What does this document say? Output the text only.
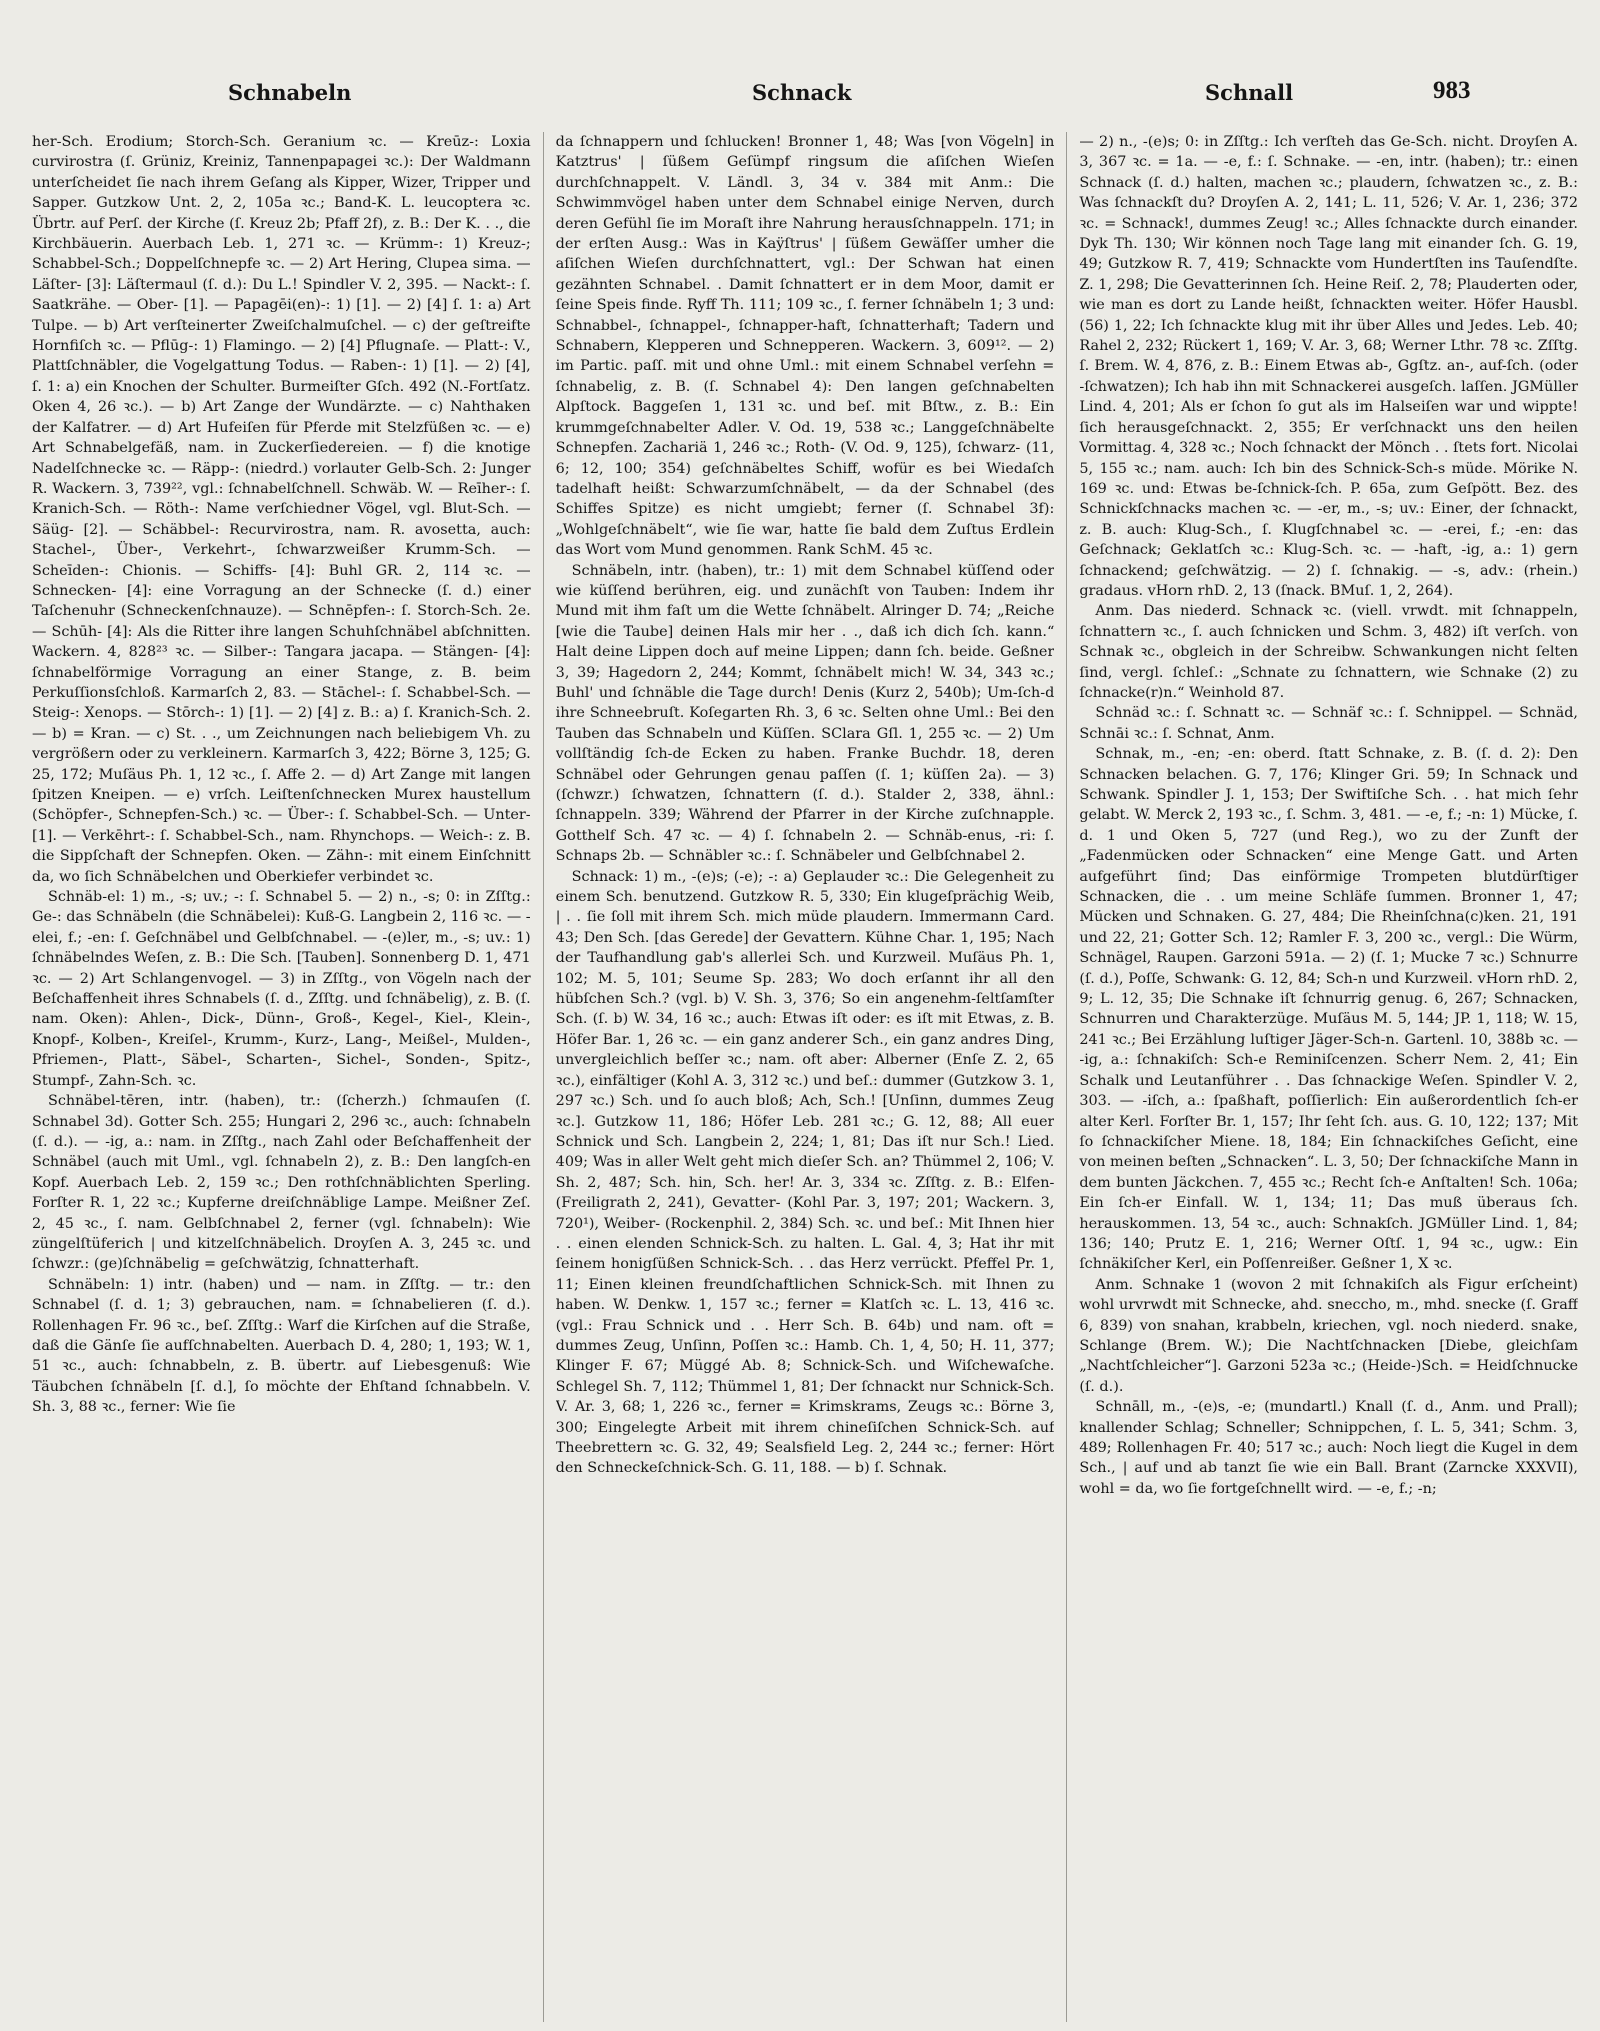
Schnabeln	Schnack	Schnall	983

her-Sch. Erodium; Storch-Sch. Geranium ꝛc. — Kreūz-: Loxia curvirostra (ſ. Grüniz, Kreiniz, Tannenpapagei ꝛc.): Der Waldmann unterſcheidet ſie nach ihrem Geſang als Kipper, Wizer, Tripper und Sapper. Gutzkow Unt. 2, 2, 105a ꝛc.; Band-K. L. leucoptera ꝛc. Übrtr. auf Perſ. der Kirche (ſ. Kreuz 2b; Pfaff 2f), z. B.: Der K. . ., die Kirchbäuerin. Auerbach Leb. 1, 271 ꝛc. — Krümm-: 1) Kreuz-; Schabbel-Sch.; Doppelſchnepfe ꝛc. — 2) Art Hering, Clupea sima. — Läſter- [3]: Läſtermaul (ſ. d.): Du L.! Spindler V. 2, 395. — Nackt-: ſ. Saatkrähe. — Ober- [1]. — Papagēi(en)-: 1) [1]. — 2) [4] ſ. 1: a) Art Tulpe. — b) Art verſteinerter Zweiſchalmuſchel. — c) der geſtreifte Hornfiſch ꝛc. — Pflūg-: 1) Flamingo. — 2) [4] Pflugnaſe. — Platt-: V., Plattſchnäbler, die Vogelgattung Todus. — Raben-: 1) [1]. — 2) [4], ſ. 1: a) ein Knochen der Schulter. Burmeiſter Gſch. 492 (N.-Fortſatz. Oken 4, 26 ꝛc.). — b) Art Zange der Wundärzte. — c) Nahthaken der Kalfatrer. — d) Art Hufeiſen für Pferde mit Stelzfüßen ꝛc. — e) Art Schnabelgefäß, nam. in Zuckerſiedereien. — f) die knotige Nadelſchnecke ꝛc. — Räpp-: (niedrd.) vorlauter Gelb-Sch. 2: Junger R. Wackern. 3, 739²², vgl.: ſchnabelſchnell. Schwäb. W. — Reīher-: ſ. Kranich-Sch. — Röth-: Name verſchiedner Vögel, vgl. Blut-Sch. — Säüg- [2]. — Schäbbel-: Recurvirostra, nam. R. avosetta, auch: Stachel-, Über-, Verkehrt-, ſchwarzweißer Krumm-Sch. — Scheīden-: Chionis. — Schiffs- [4]: Buhl GR. 2, 114 ꝛc. — Schnecken- [4]: eine Vorragung an der Schnecke (ſ. d.) einer Taſchenuhr (Schneckenſchnauze). — Schnēpfen-: ſ. Storch-Sch. 2e. — Schūh- [4]: Als die Ritter ihre langen Schuhſchnäbel abſchnitten. Wackern. 4, 828²³ ꝛc. — Silber-: Tangara jacapa. — Stängen- [4]: ſchnabelförmige Vorragung an einer Stange, z. B. beim Perkuſſionsſchloß. Karmarſch 2, 83. — Stāchel-: ſ. Schabbel-Sch. — Steig-: Xenops. — Stōrch-: 1) [1]. — 2) [4] z. B.: a) ſ. Kranich-Sch. 2. — b) = Kran. — c) St. . ., um Zeichnungen nach beliebigem Vh. zu vergrößern oder zu verkleinern. Karmarſch 3, 422; Börne 3, 125; G. 25, 172; Muſäus Ph. 1, 12 ꝛc., ſ. Affe 2. — d) Art Zange mit langen ſpitzen Kneipen. — e) vrſch. Leiſtenſchnecken Murex haustellum (Schöpfer-, Schnepfen-Sch.) ꝛc. — Über-: ſ. Schabbel-Sch. — Unter- [1]. — Verkēhrt-: ſ. Schabbel-Sch., nam. Rhynchops. — Weich-: z. B. die Sippſchaft der Schnepfen. Oken. — Zähn-: mit einem Einſchnitt da, wo ſich Schnäbelchen und Oberkiefer verbindet ꝛc.

Schnäb-el: 1) m., -s; uv.; -: ſ. Schnabel 5. — 2) n., -s; 0: in Zſſtg.: Ge-: das Schnäbeln (die Schnäbelei): Kuß-G. Langbein 2, 116 ꝛc. — -elei, f.; -en: ſ. Geſchnäbel und Gelbſchnabel. — -(e)ler, m., -s; uv.: 1) ſchnäbelndes Weſen, z. B.: Die Sch. [Tauben]. Sonnenberg D. 1, 471 ꝛc. — 2) Art Schlangenvogel. — 3) in Zſſtg., von Vögeln nach der Beſchaffenheit ihres Schnabels (ſ. d., Zſſtg. und ſchnäbelig), z. B. (ſ. nam. Oken): Ahlen-, Dick-, Dünn-, Groß-, Kegel-, Kiel-, Klein-, Knopf-, Kolben-, Kreiſel-, Krumm-, Kurz-, Lang-, Meißel-, Mulden-, Pfriemen-, Platt-, Säbel-, Scharten-, Sichel-, Sonden-, Spitz-, Stumpf-, Zahn-Sch. ꝛc.

Schnäbel-tēren, intr. (haben), tr.: (ſcherzh.) ſchmauſen (ſ. Schnabel 3d). Gotter Sch. 255; Hungari 2, 296 ꝛc., auch: ſchnabeln (ſ. d.). — -ig, a.: nam. in Zſſtg., nach Zahl oder Beſchaffenheit der Schnäbel (auch mit Uml., vgl. ſchnabeln 2), z. B.: Den langſch-en Kopf. Auerbach Leb. 2, 159 ꝛc.; Den rothſchnäblichten Sperling. Forſter R. 1, 22 ꝛc.; Kupferne dreiſchnäblige Lampe. Meißner Zeſ. 2, 45 ꝛc., ſ. nam. Gelbſchnabel 2, ferner (vgl. ſchnabeln): Wie züngelſtüferich | und kitzelſchnäbelich. Droyſen A. 3, 245 ꝛc. und ſchwzr.: (ge)ſchnäbelig = geſchwätzig, ſchnatterhaft.

Schnäbeln: 1) intr. (haben) und — nam. in Zſſtg. — tr.: den Schnabel (ſ. d. 1; 3) gebrauchen, nam. = ſchnabelieren (ſ. d.). Rollenhagen Fr. 96 ꝛc., beſ. Zſſtg.: Warf die Kirſchen auf die Straße, daß die Gänſe ſie aufſchnabelten. Auerbach D. 4, 280; 1, 193; W. 1, 51 ꝛc., auch: ſchnabbeln, z. B. übertr. auf Liebesgenuß: Wie Täubchen ſchnäbeln [ſ. d.], ſo möchte der Ehſtand ſchnabbeln. V. Sh. 3, 88 ꝛc., ferner: Wie ſie

da ſchnappern und ſchlucken! Bronner 1, 48; Was [von Vögeln] in Katztrus' | ſüßem Geſümpf ringsum die aſiſchen Wieſen durchſchnappelt. V. Ländl. 3, 34 v. 384 mit Anm.: Die Schwimmvögel haben unter dem Schnabel einige Nerven, durch deren Gefühl ſie im Moraſt ihre Nahrung herausſchnappeln. 171; in der erſten Ausg.: Was in Kaÿſtrus' | ſüßem Gewäſſer umher die aſiſchen Wieſen durchſchnattert, vgl.: Der Schwan hat einen gezähnten Schnabel. . Damit ſchnattert er in dem Moor, damit er ſeine Speis finde. Ryff Th. 111; 109 ꝛc., ſ. ferner ſchnäbeln 1; 3 und: Schnabbel-, ſchnappel-, ſchnapper-haft, ſchnatterhaft; Tadern und Schnabern, Klepperen und Schnepperen. Wackern. 3, 609¹². — 2) im Partic. paſſ. mit und ohne Uml.: mit einem Schnabel verſehn = ſchnabelig, z. B. (ſ. Schnabel 4): Den langen geſchnabelten Alpſtock. Baggeſen 1, 131 ꝛc. und beſ. mit Bſtw., z. B.: Ein krummgeſchnabelter Adler. V. Od. 19, 538 ꝛc.; Langgeſchnäbelte Schnepfen. Zachariä 1, 246 ꝛc.; Roth- (V. Od. 9, 125), ſchwarz- (11, 6; 12, 100; 354) geſchnäbeltes Schiff, wofür es bei Wiedaſch tadelhaft heißt: Schwarzumſchnäbelt, — da der Schnabel (des Schiffes Spitze) es nicht umgiebt; ferner (ſ. Schnabel 3f): „Wohlgeſchnäbelt“, wie ſie war, hatte ſie bald dem Zuſtus Erdlein das Wort vom Mund genommen. Rank SchM. 45 ꝛc.

Schnäbeln, intr. (haben), tr.: 1) mit dem Schnabel küſſend oder wie küſſend berühren, eig. und zunächſt von Tauben: Indem ihr Mund mit ihm faſt um die Wette ſchnäbelt. Alringer D. 74; „Reiche [wie die Taube] deinen Hals mir her . ., daß ich dich ſch. kann.“ Halt deine Lippen doch auf meine Lippen; dann ſch. beide. Geßner 3, 39; Hagedorn 2, 244; Kommt, ſchnäbelt mich! W. 34, 343 ꝛc.; Buhl' und ſchnäble die Tage durch! Denis (Kurz 2, 540b); Um-ſch-d ihre Schneebruſt. Koſegarten Rh. 3, 6 ꝛc. Selten ohne Uml.: Bei den Tauben das Schnabeln und Küſſen. SClara Gſl. 1, 255 ꝛc. — 2) Um vollſtändig ſch-de Ecken zu haben. Franke Buchdr. 18, deren Schnäbel oder Gehrungen genau paſſen (ſ. 1; küſſen 2a). — 3) (ſchwzr.) ſchwatzen, ſchnattern (ſ. d.). Stalder 2, 338, ähnl.: ſchnappeln. 339; Während der Pfarrer in der Kirche zuſchnapple. Gotthelf Sch. 47 ꝛc. — 4) ſ. ſchnabeln 2. — Schnäb-enus, -ri: ſ. Schnaps 2b. — Schnäbler ꝛc.: ſ. Schnäbeler und Gelbſchnabel 2.

Schnack: 1) m., -(e)s; (-e); -: a) Geplauder ꝛc.: Die Gelegenheit zu einem Sch. benutzend. Gutzkow R. 5, 330; Ein klugeſprächig Weib, | . . ſie ſoll mit ihrem Sch. mich müde plaudern. Immermann Card. 43; Den Sch. [das Gerede] der Gevattern. Kühne Char. 1, 195; Nach der Taufhandlung gab's allerlei Sch. und Kurzweil. Muſäus Ph. 1, 102; M. 5, 101; Seume Sp. 283; Wo doch erſannt ihr all den hübſchen Sch.? (vgl. b) V. Sh. 3, 376; So ein angenehm-ſeltſamſter Sch. (ſ. b) W. 34, 16 ꝛc.; auch: Etwas iſt oder: es iſt mit Etwas, z. B. Höfer Bar. 1, 26 ꝛc. — ein ganz anderer Sch., ein ganz andres Ding, unvergleichlich beſſer ꝛc.; nam. oft aber: Alberner (Enſe Z. 2, 65 ꝛc.), einfältiger (Kohl A. 3, 312 ꝛc.) und beſ.: dummer (Gutzkow 3. 1, 297 ꝛc.) Sch. und ſo auch bloß; Ach, Sch.! [Unſinn, dummes Zeug ꝛc.]. Gutzkow 11, 186; Höfer Leb. 281 ꝛc.; G. 12, 88; All euer Schnick und Sch. Langbein 2, 224; 1, 81; Das iſt nur Sch.! Lied. 409; Was in aller Welt geht mich dieſer Sch. an? Thümmel 2, 106; V. Sh. 2, 487; Sch. hin, Sch. her! Ar. 3, 334 ꝛc. Zſſtg. z. B.: Elfen- (Freiligrath 2, 241), Gevatter- (Kohl Par. 3, 197; 201; Wackern. 3, 720¹), Weiber- (Rockenphil. 2, 384) Sch. ꝛc. und beſ.: Mit Ihnen hier . . einen elenden Schnick-Sch. zu halten. L. Gal. 4, 3; Hat ihr mit ſeinem honigſüßen Schnick-Sch. . . das Herz verrückt. Pfeffel Pr. 1, 11; Einen kleinen freundſchaftlichen Schnick-Sch. mit Ihnen zu haben. W. Denkw. 1, 157 ꝛc.; ferner = Klatſch ꝛc. L. 13, 416 ꝛc. (vgl.: Frau Schnick und . . Herr Sch. B. 64b) und nam. oft = dummes Zeug, Unſinn, Poſſen ꝛc.: Hamb. Ch. 1, 4, 50; H. 11, 377; Klinger F. 67; Müggé Ab. 8; Schnick-Sch. und Wiſchewaſche. Schlegel Sh. 7, 112; Thümmel 1, 81; Der ſchnackt nur Schnick-Sch. V. Ar. 3, 68; 1, 226 ꝛc., ferner = Krimskrams, Zeugs ꝛc.: Börne 3, 300; Eingelegte Arbeit mit ihrem chineſiſchen Schnick-Sch. auf Theebrettern ꝛc. G. 32, 49; Sealsfield Leg. 2, 244 ꝛc.; ferner: Hört den Schneckeſchnick-Sch. G. 11, 188. — b) ſ. Schnak.

— 2) n., -(e)s; 0: in Zſſtg.: Ich verſteh das Ge-Sch. nicht. Droyſen A. 3, 367 ꝛc. = 1a. — -e, f.: ſ. Schnake. — -en, intr. (haben); tr.: einen Schnack (ſ. d.) halten, machen ꝛc.; plaudern, ſchwatzen ꝛc., z. B.: Was ſchnackſt du? Droyſen A. 2, 141; L. 11, 526; V. Ar. 1, 236; 372 ꝛc. = Schnack!, dummes Zeug! ꝛc.; Alles ſchnackte durch einander. Dyk Th. 130; Wir können noch Tage lang mit einander ſch. G. 19, 49; Gutzkow R. 7, 419; Schnackte vom Hundertſten ins Tauſendſte. Z. 1, 298; Die Gevatterinnen ſch. Heine Reiſ. 2, 78; Plauderten oder, wie man es dort zu Lande heißt, ſchnackten weiter. Höfer Hausbl. (56) 1, 22; Ich ſchnackte klug mit ihr über Alles und Jedes. Leb. 40; Rahel 2, 232; Rückert 1, 169; V. Ar. 3, 68; Werner Lthr. 78 ꝛc. Zſſtg. ſ. Brem. W. 4, 876, z. B.: Einem Etwas ab-, Ggſtz. an-, auf-ſch. (oder -ſchwatzen); Ich hab ihn mit Schnackerei ausgeſch. laſſen. JGMüller Lind. 4, 201; Als er ſchon ſo gut als im Halseiſen war und wippte! ſich herausgeſchnackt. 2, 355; Er verſchnackt uns den heilen Vormittag. 4, 328 ꝛc.; Noch ſchnackt der Mönch . . ſtets fort. Nicolai 5, 155 ꝛc.; nam. auch: Ich bin des Schnick-Sch-s müde. Mörike N. 169 ꝛc. und: Etwas be-ſchnick-ſch. P. 65a, zum Geſpött. Bez. des Schnickſchnacks machen ꝛc. — -er, m., -s; uv.: Einer, der ſchnackt, z. B. auch: Klug-Sch., ſ. Klugſchnabel ꝛc. — -erei, f.; -en: das Geſchnack; Geklatſch ꝛc.: Klug-Sch. ꝛc. — -haft, -ig, a.: 1) gern ſchnackend; geſchwätzig. — 2) ſ. ſchnakig. — -s, adv.: (rhein.) gradaus. vHorn rhD. 2, 13 (ſnack. BMuſ. 1, 2, 264).

Anm. Das niederd. Schnack ꝛc. (viell. vrwdt. mit ſchnappeln, ſchnattern ꝛc., ſ. auch ſchnicken und Schm. 3, 482) iſt verſch. von Schnak ꝛc., obgleich in der Schreibw. Schwankungen nicht ſelten ſind, vergl. ſchleſ.: „Schnate zu ſchnattern, wie Schnake (2) zu ſchnacke(r)n.“ Weinhold 87.

Schnäd ꝛc.: ſ. Schnatt ꝛc. — Schnäf ꝛc.: ſ. Schnippel. — Schnäd, Schnāi ꝛc.: ſ. Schnat, Anm.

Schnak, m., -en; -en: oberd. ſtatt Schnake, z. B. (ſ. d. 2): Den Schnacken belachen. G. 7, 176; Klinger Gri. 59; In Schnack und Schwank. Spindler J. 1, 153; Der Swiftiſche Sch. . . hat mich ſehr gelabt. W. Merck 2, 193 ꝛc., ſ. Schm. 3, 481. — -e, f.; -n: 1) Mücke, ſ. d. 1 und Oken 5, 727 (und Reg.), wo zu der Zunft der „Fadenmücken oder Schnacken“ eine Menge Gatt. und Arten aufgeführt ſind; Das einförmige Trompeten blutdürſtiger Schnacken, die . . um meine Schläfe ſummen. Bronner 1, 47; Mücken und Schnaken. G. 27, 484; Die Rheinſchna(c)ken. 21, 191 und 22, 21; Gotter Sch. 12; Ramler F. 3, 200 ꝛc., vergl.: Die Würm, Schnägel, Raupen. Garzoni 591a. — 2) (ſ. 1; Mucke 7 ꝛc.) Schnurre (ſ. d.), Poſſe, Schwank: G. 12, 84; Sch-n und Kurzweil. vHorn rhD. 2, 9; L. 12, 35; Die Schnake iſt ſchnurrig genug. 6, 267; Schnacken, Schnurren und Charakterzüge. Muſäus M. 5, 144; JP. 1, 118; W. 15, 241 ꝛc.; Bei Erzählung luſtiger Jäger-Sch-n. Gartenl. 10, 388b ꝛc. — -ig, a.: ſchnakiſch: Sch-e Reminiſcenzen. Scherr Nem. 2, 41; Ein Schalk und Leutanführer . . Das ſchnackige Weſen. Spindler V. 2, 303. — -iſch, a.: ſpaßhaft, poſſierlich: Ein außerordentlich ſch-er alter Kerl. Forſter Br. 1, 157; Ihr ſeht ſch. aus. G. 10, 122; 137; Mit ſo ſchnackiſcher Miene. 18, 184; Ein ſchnackiſches Geſicht, eine von meinen beſten „Schnacken“. L. 3, 50; Der ſchnackiſche Mann in dem bunten Jäckchen. 7, 455 ꝛc.; Recht ſch-e Anſtalten! Sch. 106a; Ein ſch-er Einfall. W. 1, 134; 11; Das muß überaus ſch. herauskommen. 13, 54 ꝛc., auch: Schnakſch. JGMüller Lind. 1, 84; 136; 140; Prutz E. 1, 216; Werner Oſtſ. 1, 94 ꝛc., ugw.: Ein ſchnäkiſcher Kerl, ein Poſſenreißer. Geßner 1, X ꝛc.

Anm. Schnake 1 (wovon 2 mit ſchnakiſch als Figur erſcheint) wohl urvrwdt mit Schnecke, ahd. snecchо, m., mhd. snecke (ſ. Graff 6, 839) von snahan, krabbeln, kriechen, vgl. noch niederd. snake, Schlange (Brem. W.); Die Nachtſchnacken [Diebe, gleichſam „Nachtſchleicher“]. Garzoni 523a ꝛc.; (Heide-)Sch. = Heidſchnucke (ſ. d.).

Schnāll, m., -(e)s, -e; (mundartl.) Knall (ſ. d., Anm. und Prall); knallender Schlag; Schneller; Schnippchen, ſ. L. 5, 341; Schm. 3, 489; Rollenhagen Fr. 40; 517 ꝛc.; auch: Noch liegt die Kugel in dem Sch., | auf und ab tanzt ſie wie ein Ball. Brant (Zarncke XXXVII), wohl = da, wo ſie fortgeſchnellt wird. — -e, f.; -n;
